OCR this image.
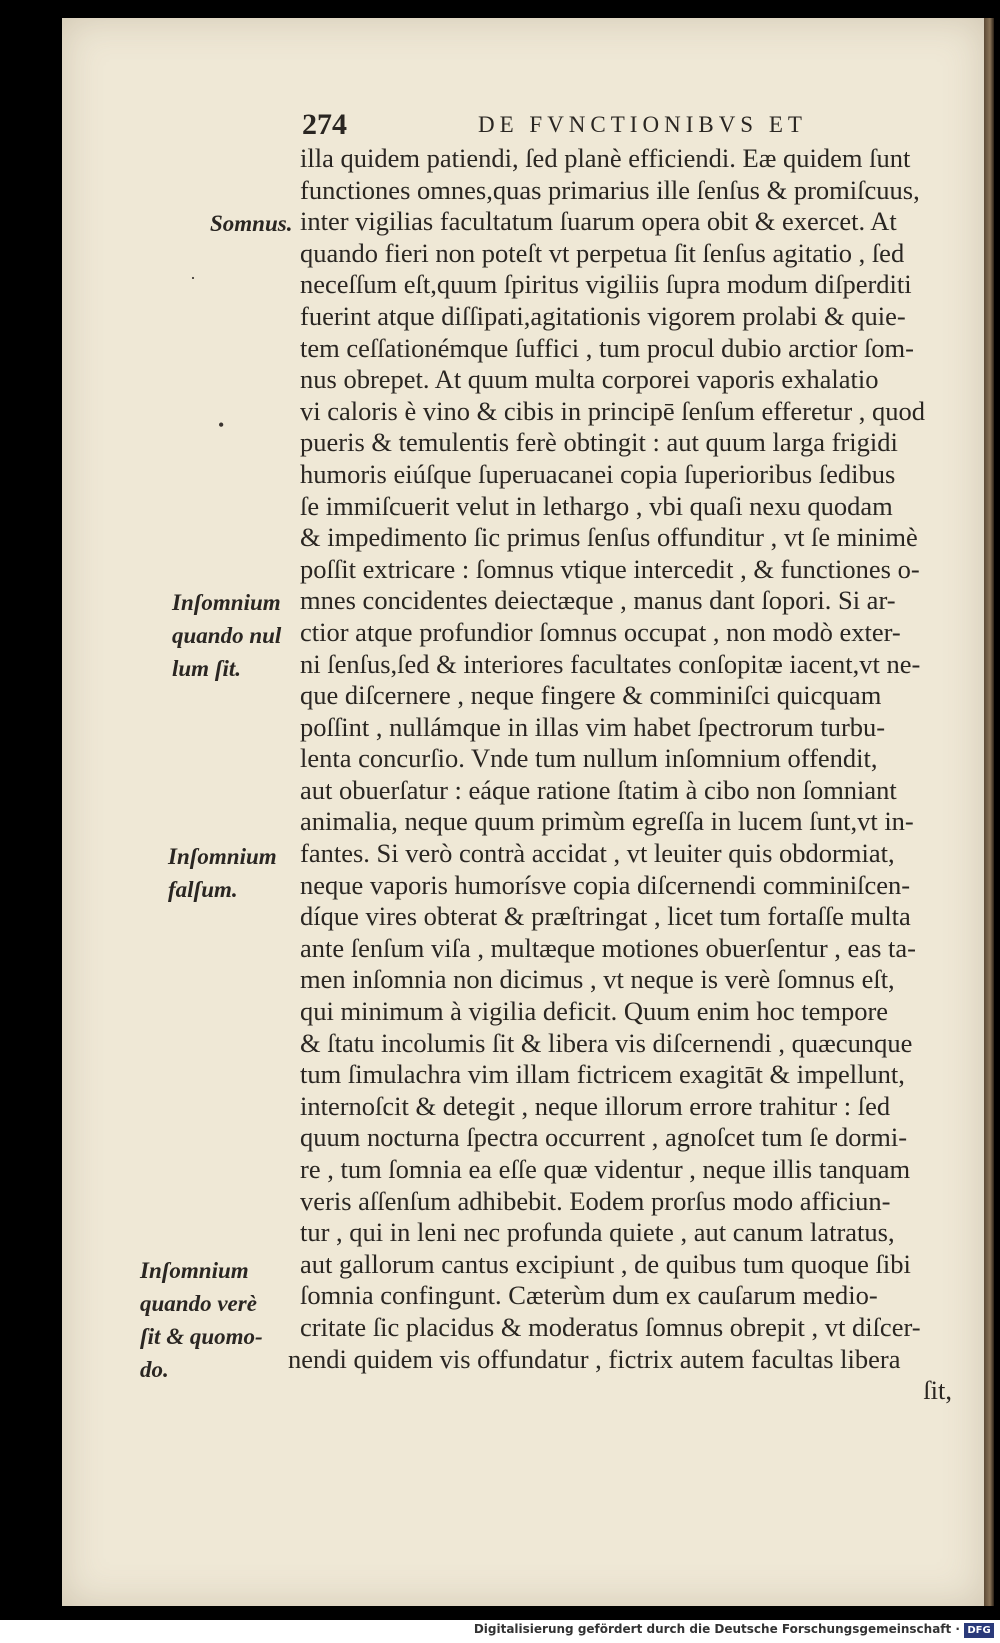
274	DE FVNCTIONIBVS ET
·
•
illa quidem patiendi, ſed planè efficiendi. Eæ quidem ſunt
functiones omnes,quas primarius ille ſenſus & promiſcuus,
inter vigilias facultatum ſuarum opera obit & exercet. At
quando fieri non poteſt vt perpetua ſit ſenſus agitatio , ſed
neceſſum eſt,quum ſpiritus vigiliis ſupra modum diſperditi
fuerint atque diſſipati,agitationis vigorem prolabi & quie-
tem ceſſationémque ſuffici , tum procul dubio arctior ſom-
nus obrepet. At quum multa corporei vaporis exhalatio
vi caloris è vino & cibis in principē ſenſum efferetur , quod
pueris & temulentis ferè obtingit : aut quum larga frigidi
humoris eiúſque ſuperuacanei copia ſuperioribus ſedibus
ſe immiſcuerit velut in lethargo , vbi quaſi nexu quodam
& impedimento ſic primus ſenſus offunditur , vt ſe minimè
poſſit extricare : ſomnus vtique intercedit , & functiones o-
mnes concidentes deiectæque , manus dant ſopori. Si ar-
ctior atque profundior ſomnus occupat , non modò exter-
ni ſenſus,ſed & interiores facultates conſopitæ iacent,vt ne-
que diſcernere , neque fingere & comminiſci quicquam
poſſint , nullámque in illas vim habet ſpectrorum turbu-
lenta concurſio. Vnde tum nullum inſomnium offendit,
aut obuerſatur : eáque ratione ſtatim à cibo non ſomniant
animalia, neque quum primùm egreſſa in lucem ſunt,vt in-
fantes. Si verò contrà accidat , vt leuiter quis obdormiat,
neque vaporis humorísve copia diſcernendi comminiſcen-
díque vires obterat & præſtringat , licet tum fortaſſe multa
ante ſenſum viſa , multæque motiones obuerſentur , eas ta-
men inſomnia non dicimus , vt neque is verè ſomnus eſt,
qui minimum à vigilia deficit. Quum enim hoc tempore
& ſtatu incolumis ſit & libera vis diſcernendi , quæcunque
tum ſimulachra vim illam fictricem exagitāt & impellunt,
internoſcit & detegit , neque illorum errore trahitur : ſed
quum nocturna ſpectra occurrent , agnoſcet tum ſe dormi-
re , tum ſomnia ea eſſe quæ videntur , neque illis tanquam
veris aſſenſum adhibebit. Eodem prorſus modo afficiun-
tur , qui in leni nec profunda quiete , aut canum latratus,
aut gallorum cantus excipiunt , de quibus tum quoque ſibi
ſomnia confingunt. Cæterùm dum ex cauſarum medio-
critate ſic placidus & moderatus ſomnus obrepit , vt diſcer-
nendi quidem vis offundatur , fictrix autem facultas libera
ſit,
Somnus.
Inſomnium
quando nul
lum ſit.
Inſomnium
falſum.
Inſomnium
quando verè
ſit & quomo-
do.
Digitalisierung gefördert durch die Deutsche Forschungsgemeinschaft · DFG
